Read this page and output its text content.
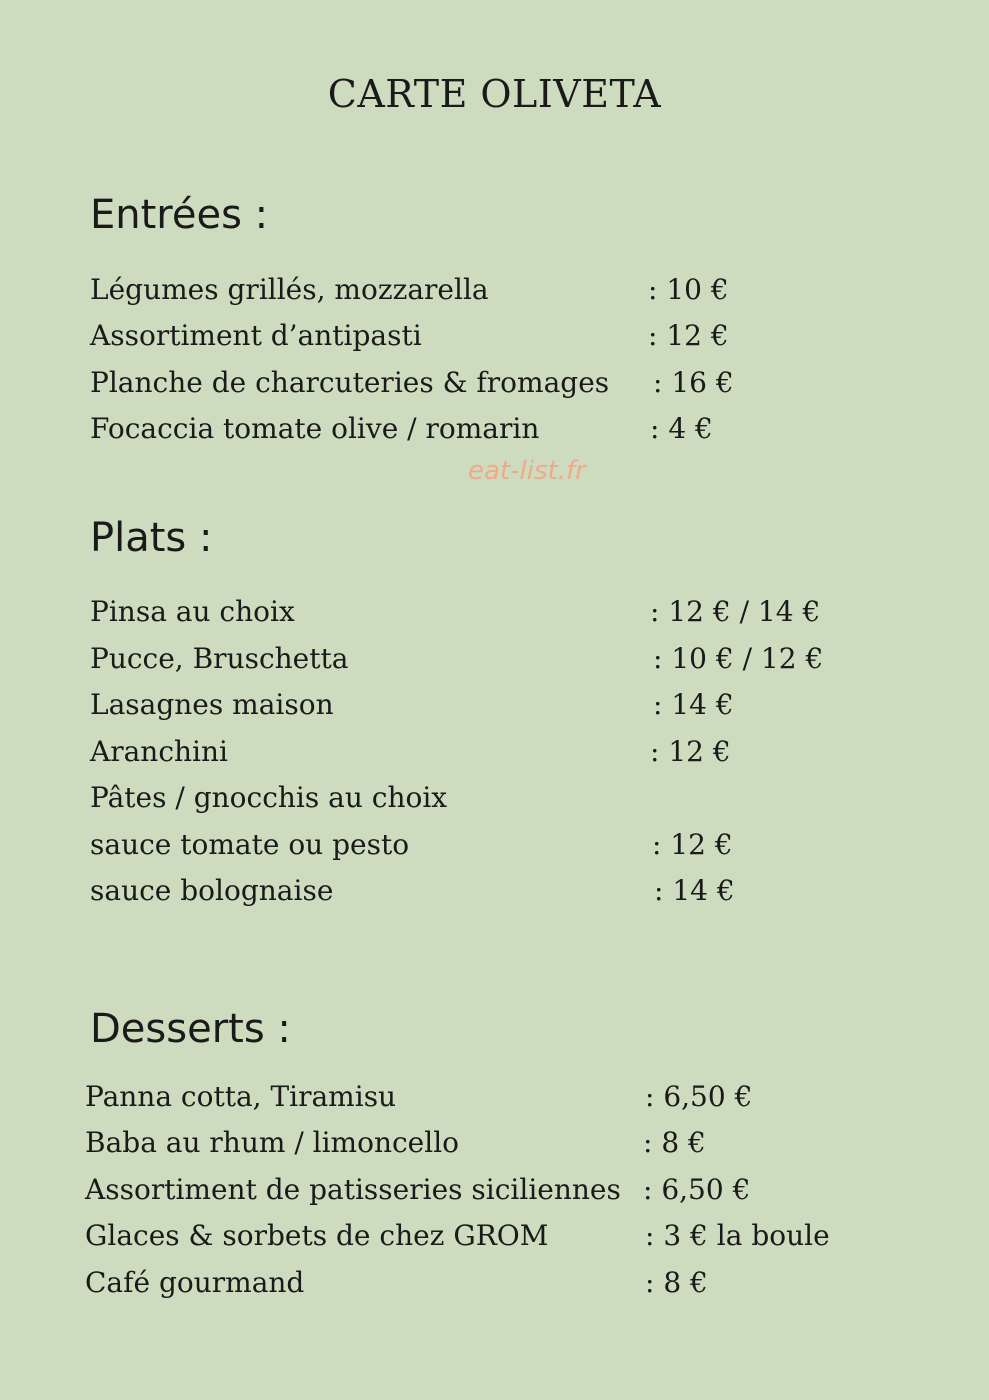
CARTE OLIVETA
Entrées :
Légumes grillés, mozzarella	: 10 €
Assortiment d’antipasti	: 12 €
Planche de charcuteries & fromages : 16 €
Focaccia tomate olive / romarin	: 4 €
eat-list.fr
Plats :
Pinsa au choix	: 12 € / 14 €
Pucce, Bruschetta	: 10 € / 12 €
Lasagnes maison	: 14 €
Aranchini	: 12 €
Pâtes / gnocchis au choix
sauce tomate ou pesto	: 12 €
sauce bolognaise	: 14 €
Desserts :
Panna cotta, Tiramisu	: 6,50 €
Baba au rhum / limoncello	: 8 €
Assortiment de patisseries siciliennes : 6,50 €
Glaces & sorbets de chez GROM	: 3 € la boule
Café gourmand	: 8 €
